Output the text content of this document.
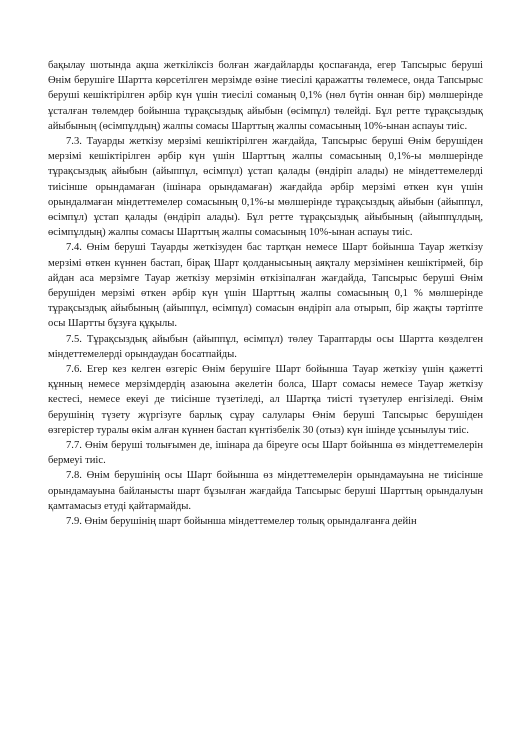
бақылау шотында ақша жеткіліксіз болған жағдайларды қоспағанда, егер Тапсырыс беруші Өнім берушіге Шартта көрсетілген мерзімде өзіне тиесілі қаражатты төлемесе, онда Тапсырыс беруші кешіктірілген әрбір күн үшін тиесілі соманың 0,1% (нөл бүтін оннан бір) мөлшерінде ұсталған төлемдер бойынша тұрақсыздық айыбын (өсімпұл) төлейді. Бұл ретте тұрақсыздық айыбының (өсімпұлдың) жалпы сомасы Шарттың жалпы сомасының 10%-ынан аспауы тиіс.

7.3. Тауарды жеткізу мерзімі кешіктірілген жағдайда, Тапсырыс беруші Өнім берушіден мерзімі кешіктірілген әрбір күн үшін Шарттың жалпы сомасының 0,1%-ы мөлшерінде тұрақсыздық айыбын (айыппұл, өсімпұл) ұстап қалады (өндіріп алады) не міндеттемелерді тиісінше орындамаған (ішінара орындамаған) жағдайда әрбір мерзімі өткен күн үшін орындалмаған міндеттемелер сомасының 0,1%-ы мөлшерінде тұрақсыздық айыбын (айыппұл, өсімпұл) ұстап қалады (өндіріп алады). Бұл ретте тұрақсыздық айыбының (айыппұлдың, өсімпұлдың) жалпы сомасы Шарттың жалпы сомасының 10%-ынан аспауы тиіс.

7.4. Өнім беруші Тауарды жеткізуден бас тартқан немесе Шарт бойынша Тауар жеткізу мерзімі өткен күннен бастап, бірақ Шарт қолданысының аяқталу мерзімінен кешіктірмей, бір айдан аса мерзімге Тауар жеткізу мерзімін өткізіпалған жағдайда, Тапсырыс беруші Өнім берушіден мерзімі өткен әрбір күн үшін Шарттың жалпы сомасының 0,1 % мөлшерінде тұрақсыздық айыбының (айыппұл, өсімпұл) сомасын өндіріп ала отырып, бір жақты тәртіпте осы Шартты бұзуға құқылы.

7.5. Тұрақсыздық айыбын (айыппұл, өсімпұл) төлеу Тараптарды осы Шартта көзделген міндеттемелерді орындаудан босатпайды.

7.6. Егер кез келген өзгеріс Өнім берушіге Шарт бойынша Тауар жеткізу үшін қажетті құнның немесе мерзімдердің азаюына әкелетін болса, Шарт сомасы немесе Тауар жеткізу кестесі, немесе екеуі де тиісінше түзетіледі, ал Шартқа тиісті түзетулер енгізіледі. Өнім берушінің түзету жүргізуге барлық сұрау салулары Өнім беруші Тапсырыс берушіден өзгерістер туралы өкім алған күннен бастап күнтізбелік 30 (отыз) күн ішінде ұсынылуы тиіс.

7.7. Өнім беруші толығымен де, ішінара да біреуге осы Шарт бойынша өз міндеттемелерін бермеуі тиіс.

7.8. Өнім берушінің осы Шарт бойынша өз міндеттемелерін орындамауына не тиісінше орындамауына байланысты шарт бұзылған жағдайда Тапсырыс беруші Шарттың орындалуын қамтамасыз етуді қайтармайды.

7.9. Өнім берушінің шарт бойынша міндеттемелер толық орындалғанға дейін
